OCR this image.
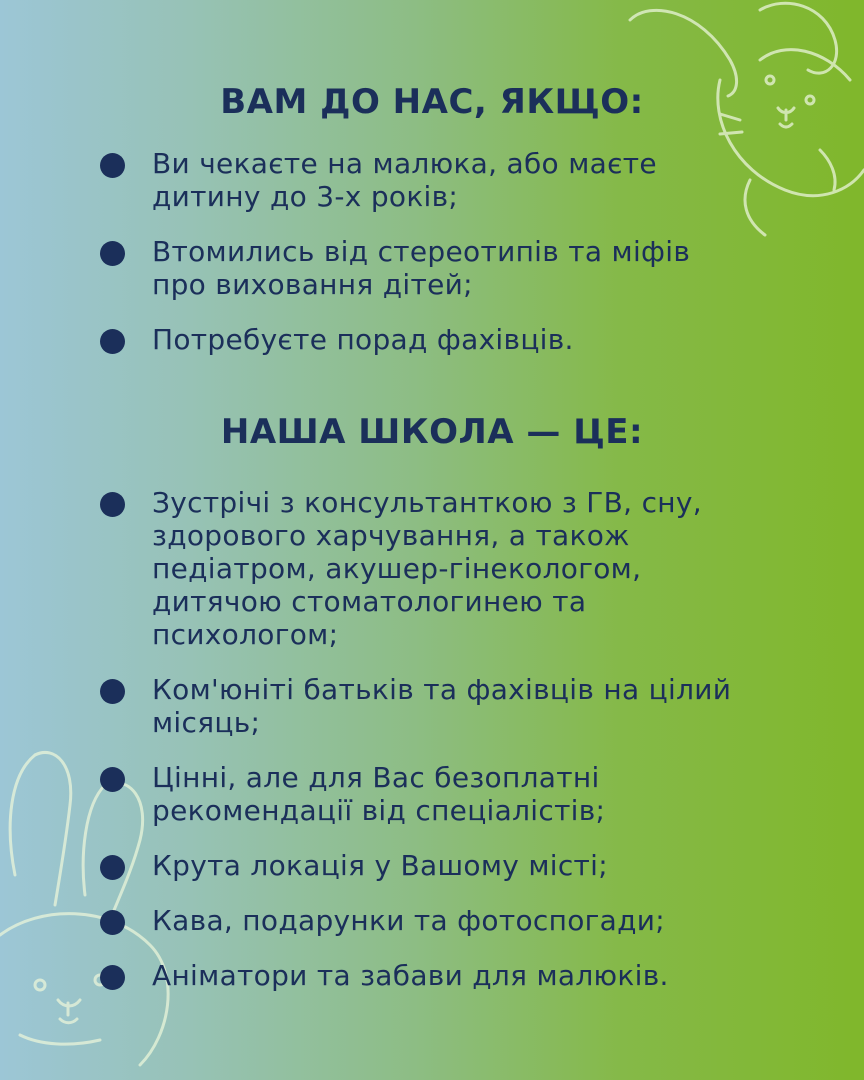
ВАМ ДО НАС, ЯКЩО:
Ви чекаєте на малюка, або маєте дитину до 3-х років;
Втомились від стереотипів та міфів про виховання дітей;
Потребуєте порад фахівців.
НАША ШКОЛА — ЦЕ:
Зустрічі з консультанткою з ГВ, сну, здорового харчування, а також педіатром, акушер-гінекологом, дитячою стоматологинею та психологом;
Ком'юніті батьків та фахівців на цілий місяць;
Цінні, але для Вас безоплатні рекомендації від спеціалістів;
Крута локація у Вашому місті;
Кава, подарунки та фотоспогади;
Аніматори та забави для малюків.
